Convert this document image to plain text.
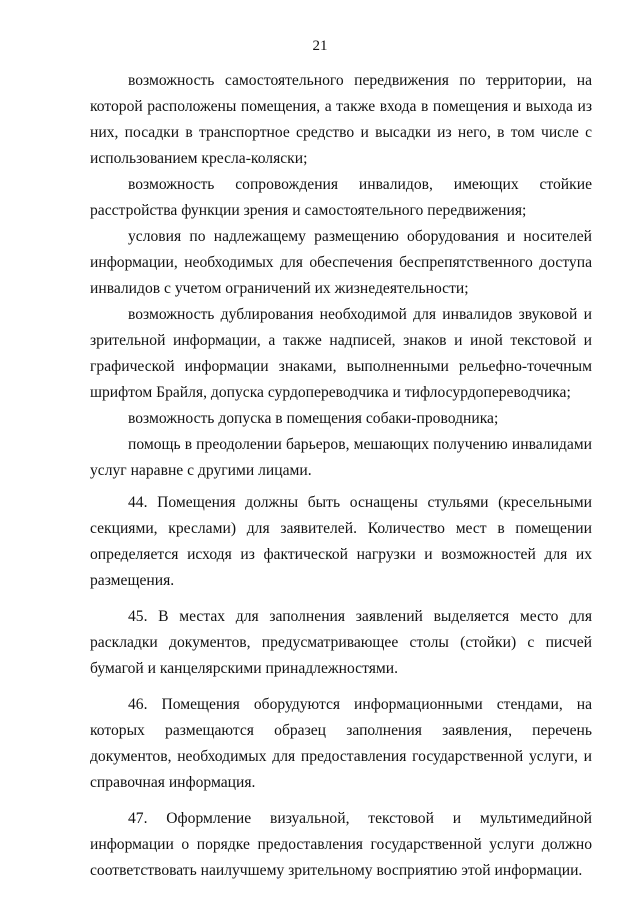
21

возможность самостоятельного передвижения по территории, на которой расположены помещения, а также входа в помещения и выхода из них, посадки в транспортное средство и высадки из него, в том числе с использованием кресла-коляски;

возможность сопровождения инвалидов, имеющих стойкие расстройства функции зрения и самостоятельного передвижения;

условия по надлежащему размещению оборудования и носителей информации, необходимых для обеспечения беспрепятственного доступа инвалидов с учетом ограничений их жизнедеятельности;

возможность дублирования необходимой для инвалидов звуковой и зрительной информации, а также надписей, знаков и иной текстовой и графической информации знаками, выполненными рельефно-точечным шрифтом Брайля, допуска сурдопереводчика и тифлосурдопереводчика;

возможность допуска в помещения собаки-проводника;

помощь в преодолении барьеров, мешающих получению инвалидами услуг наравне с другими лицами.

44. Помещения должны быть оснащены стульями (кресельными секциями, креслами) для заявителей. Количество мест в помещении определяется исходя из фактической нагрузки и возможностей для их размещения.

45. В местах для заполнения заявлений выделяется место для раскладки документов, предусматривающее столы (стойки) с писчей бумагой и канцелярскими принадлежностями.

46. Помещения оборудуются информационными стендами, на которых размещаются образец заполнения заявления, перечень документов, необходимых для предоставления государственной услуги, и справочная информация.

47. Оформление визуальной, текстовой и мультимедийной информации о порядке предоставления государственной услуги должно соответствовать наилучшему зрительному восприятию этой информации.
